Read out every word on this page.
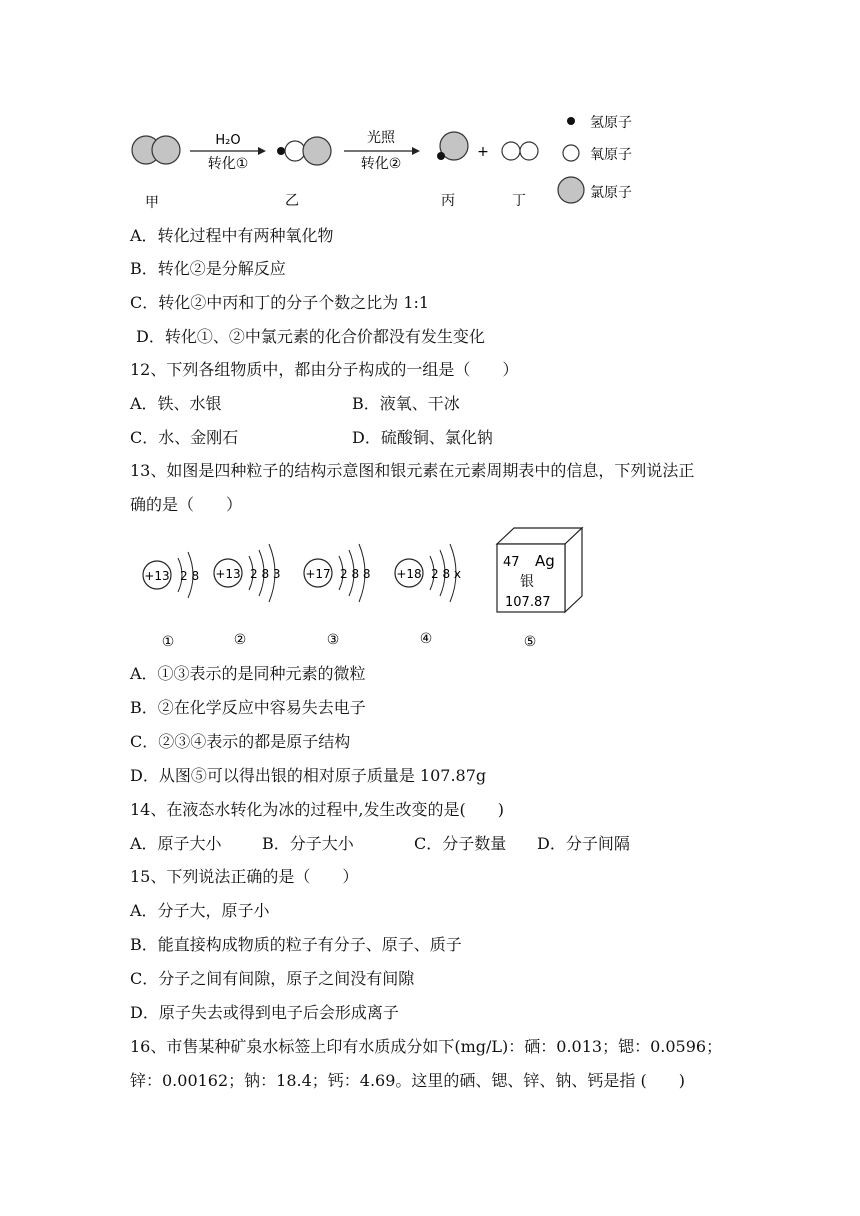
H₂O
转化①
光照
转化②
+
甲	乙	丙	丁
氢原子
氧原子
氯原子
A．转化过程中有两种氧化物
B．转化②是分解反应
C．转化②中丙和丁的分子个数之比为 1:1
D．转化①、②中氯元素的化合价都没有发生变化
12、下列各组物质中，都由分子构成的一组是（　　）
A．铁、水银	B．液氧、干冰
C．水、金刚石	D．硫酸铜、氯化钠
13、如图是四种粒子的结构示意图和银元素在元素周期表中的信息，下列说法正
确的是（　　）
+13 2 8
①
+13 2 8 3
②
+17 2 8 8
③
+18 2 8 x
④
47 Ag
银
107.87
⑤
A．①③表示的是同种元素的微粒
B．②在化学反应中容易失去电子
C．②③④表示的都是原子结构
D．从图⑤可以得出银的相对原子质量是 107.87g
14、在液态水转化为冰的过程中,发生改变的是(　　)
A．原子大小	B．分子大小	C．分子数量 D．分子间隔
15、下列说法正确的是（　　）
A．分子大，原子小
B．能直接构成物质的粒子有分子、原子、质子
C．分子之间有间隙，原子之间没有间隙
D．原子失去或得到电子后会形成离子
16、市售某种矿泉水标签上印有水质成分如下(mg/L)：硒：0.013；锶：0.0596；
锌：0.00162；钠：18.4；钙：4.69。这里的硒、锶、锌、钠、钙是指 (　　)
